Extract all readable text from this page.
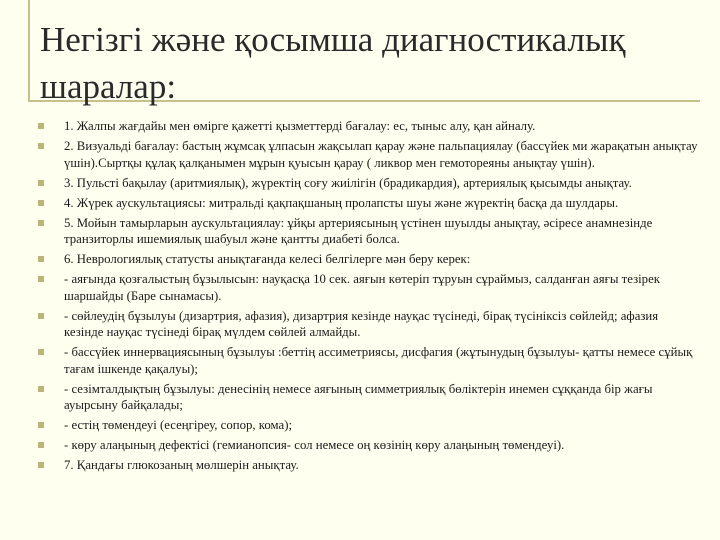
Негізгі және қосымша диагностикалық шаралар:
1. Жалпы жағдайы мен өмірге қажетті қызметтерді бағалау: ес, тыныс алу, қан айналу.
2. Визуальді бағалау: бастың жұмсақ ұлпасын жақсылап қарау және пальпациялау (бассүйек ми жарақатын анықтау үшін).Сыртқы құлақ қалқанымен мұрын қуысын қарау ( ликвор мен гемотореяны анықтау үшін).
3. Пульсті бақылау (аритмиялық), жүректің соғу жиілігін (брадикардия), артериялық қысымды анықтау.
4. Жүрек аускультациясы: митральді қақпақшаның пролапсты шуы және жүректің басқа да шулдары.
5. Мойын тамырларын аускультациялау: ұйқы артериясының үстінен шуылды анықтау, әсіресе анамнезінде транзиторлы ишемиялық шабуыл және қантты диабеті болса.
6. Неврологиялық статусты анықтағанда келесі белгілерге мән беру керек:
- аяғында қозғалыстың бұзылысын: науқасқа 10 сек. аяғын көтеріп тұруын сұраймыз, салданған аяғы тезірек шаршайды (Баре сынамасы).
- сөйлеудің бұзылуы (дизартрия, афазия), дизартрия кезінде науқас түсінеді, бірақ түсініксіз сөйлейд; афазия кезінде науқас түсінеді бірақ мүлдем сөйлей алмайды.
- бассүйек иннервациясының бұзылуы :беттің ассиметриясы, дисфагия (жұтынудың бұзылуы- қатты немесе сұйық тағам ішкенде қақалуы);
- сезімталдықтың бұзылуы: денесінің немесе аяғының симметриялық бөліктерін инемен сұққанда бір жағы ауырсыну байқалады;
- естің төмендеуі (есеңгіреу, сопор, кома);
- көру алаңының дефектісі (гемианопсия- сол немесе оң көзінің көру алаңының төмендеуі).
7. Қандағы глюкозаның мөлшерін анықтау.
